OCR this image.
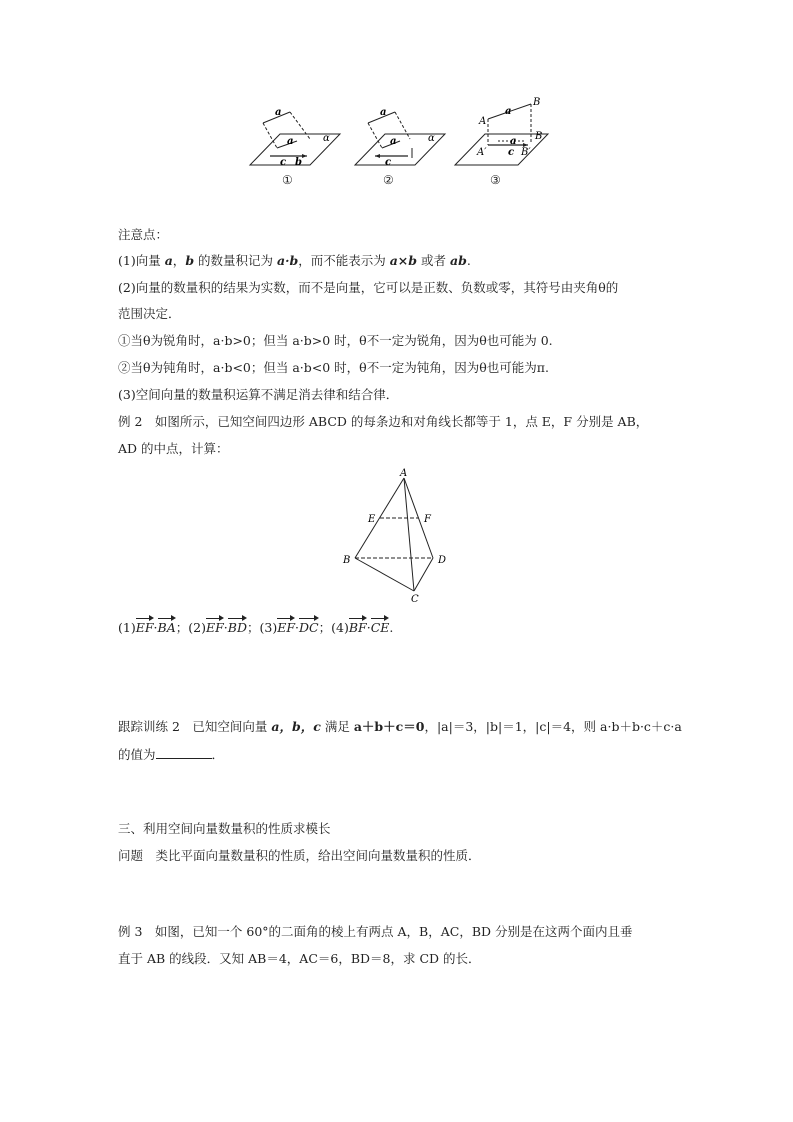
a
a	α
c b
a
a	α
c
a
B
A
B
a
c
A′	B′
①	②	③
注意点：
(1)向量 a，b 的数量积记为 a·b，而不能表示为 a×b 或者 ab.
(2)向量的数量积的结果为实数，而不是向量，它可以是正数、负数或零，其符号由夹角θ的
范围决定．
①当θ为锐角时，a·b>0；但当 a·b>0 时，θ不一定为锐角，因为θ也可能为 0.
②当θ为钝角时，a·b<0；但当 a·b<0 时，θ不一定为钝角，因为θ也可能为π.
(3)空间向量的数量积运算不满足消去律和结合律．
例 2　如图所示，已知空间四边形 ABCD 的每条边和对角线长都等于 1，点 E，F 分别是 AB，
AD 的中点，计算：
A
B	D
C
E	F
(1)EF·BA；(2)EF·BD；(3)EF·DC；(4)BF·CE.
跟踪训练 2　已知空间向量 a，b，c 满足 a＋b＋c＝0，|a|＝3，|b|＝1，|c|＝4，则 a·b＋b·c＋c·a
的值为	．
三、利用空间向量数量积的性质求模长
问题　类比平面向量数量积的性质，给出空间向量数量积的性质．
例 3　如图，已知一个 60°的二面角的棱上有两点 A，B，AC，BD 分别是在这两个面内且垂
直于 AB 的线段．又知 AB＝4，AC＝6，BD＝8，求 CD 的长．
